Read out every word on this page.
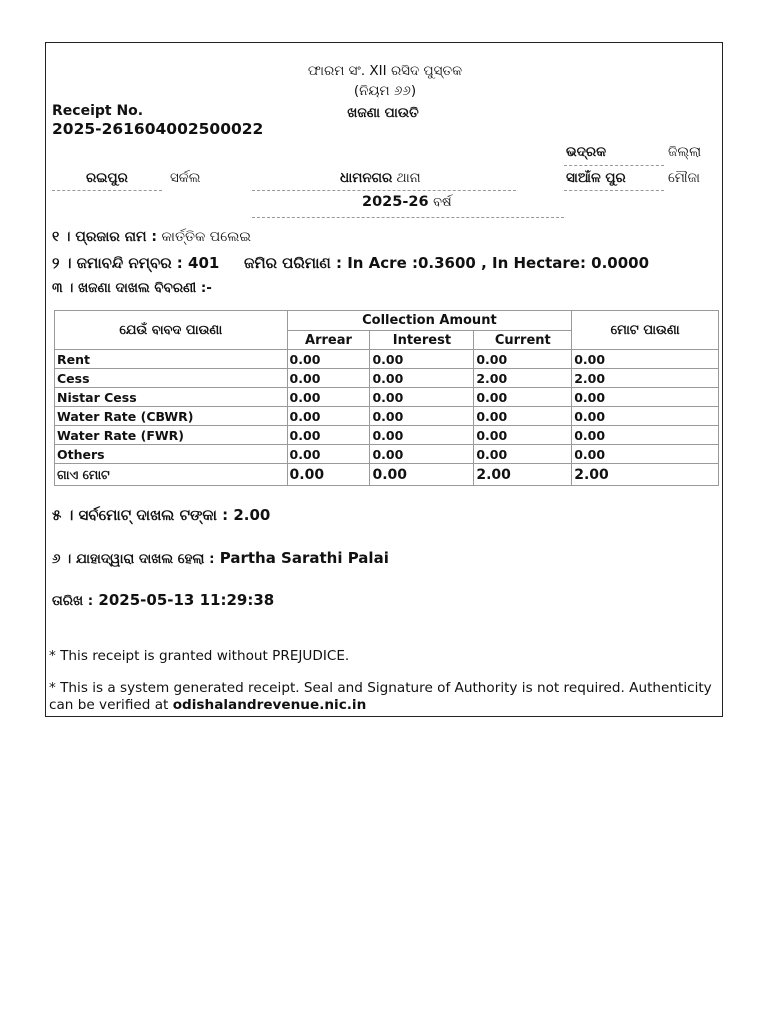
ଫାରମ ସଂ. XII ରସିଦ ପୁସ୍ତକ
(ନିୟମ ୬୬)
ଖଜଣା ପାଉତି
Receipt No.
2025-261604002500022
ଭଦ୍ରକ	ଜିଲ୍ଲା
ରଇପୁର	ସର୍କଲ	ଧାମନଗର ଥାନା	ସାଆଁଳ ପୁର	ମୌଜା
2025-26 ବର୍ଷ
୧ । ପ୍ରଜାର ନାମ : କାର୍ତ୍ତିକ ପଲେଇ
୨ । ଜମାବନ୍ଦି ନମ୍ବର : 401 ଜମିର ପରିମାଣ : In Acre :0.3600 , In Hectare: 0.0000
୩ । ଖଜଣା ଦାଖଲ ବିବରଣୀ :-
ଯେଉଁ ବାବଦ ପାଉଣା	Collection Amount			ମୋଟ ପାଉଣା
	Arrear	Interest	Current	
Rent	0.00	0.00	0.00	0.00
Cess	0.00	0.00	2.00	2.00
Nistar Cess	0.00	0.00	0.00	0.00
Water Rate (CBWR)	0.00	0.00	0.00	0.00
Water Rate (FWR)	0.00	0.00	0.00	0.00
Others	0.00	0.00	0.00	0.00
ଗାଏ ମୋଟ	0.00	0.00	2.00	2.00
୫ । ସର୍ବମୋଟ୍ ଦାଖଲ ଟଙ୍କା : 2.00
୬ । ଯାହାଦ୍ୱାରା ଦାଖଲ ହେଲା : Partha Sarathi Palai
ତାରିଖ : 2025-05-13 11:29:38
* This receipt is granted without PREJUDICE.
* This is a system generated receipt. Seal and Signature of Authority is not required. Authenticity can be verified at odishalandrevenue.nic.in
